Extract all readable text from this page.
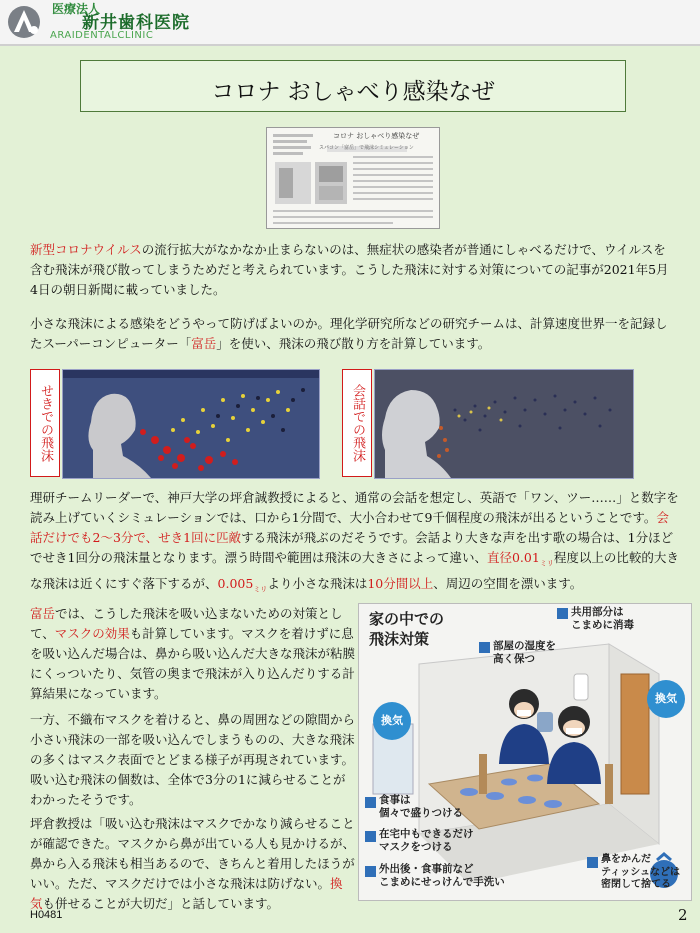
医療法人
新井歯科医院
ARAIDENTALCLINIC
コロナ おしゃべり感染なぜ
コロナ おしゃべり感染なぜ
スパコン「富岳」で飛沫シミュレーション
新型コロナウイルスの流行拡大がなかなか止まらないのは、無症状の感染者が普通にしゃべるだけで、ウイルスを含む飛沫が飛び散ってしまうためだと考えられています。こうした飛沫に対する対策についての記事が2021年5月4日の朝日新聞に載っていました。
小さな飛沫による感染をどうやって防げばよいのか。理化学研究所などの研究チームは、計算速度世界一を記録したスーパーコンピューター「富岳」を使い、飛沫の飛び散り方を計算しています。
せきでの飛沫	会話での飛沫
理研チームリーダーで、神戸大学の坪倉誠教授によると、通常の会話を想定し、英語で「ワン、ツー……」と数字を読み上げていくシミュレーションでは、口から1分間で、大小合わせて9千個程度の飛沫が出るということです。会話だけでも2～3分で、せき1回に匹敵する飛沫が飛ぶのだそうです。会話より大きな声を出す歌の場合は、1分ほどでせき1回分の飛沫量となります。漂う時間や範囲は飛沫の大きさによって違い、直径$0.01_{ミリ}$程度以上の比較的大きな飛沫は近くにすぐ落下するが、$0.005_{ミリ}$より小さな飛沫は10分間以上、周辺の空間を漂います。
富岳では、こうした飛沫を吸い込まないための対策として、マスクの効果も計算しています。マスクを着けずに息を吸い込んだ場合は、鼻から吸い込んだ大きな飛沫が粘膜にくっついたり、気管の奥まで飛沫が入り込んだりする計算結果になっています。
一方、不織布マスクを着けると、鼻の周囲などの隙間から小さい飛沫の一部を吸い込んでしまうものの、大きな飛沫の多くはマスク表面でとどまる様子が再現されています。吸い込む飛沫の個数は、全体で3分の1に減らせることがわかったそうです。
坪倉教授は「吸い込む飛沫はマスクでかなり減らせることが確認できた。マスクから鼻が出ている人も見かけるが、鼻から入る飛沫も相当あるので、きちんと着用したほうがいい。ただ、マスクだけでは小さな飛沫は防げない。換気も併せることが大切だ」と話しています。
家の中での
飛沫対策
共用部分は
こまめに消毒
部屋の湿度を
高く保つ
換気
換気
食事は
個々で盛りつける
在宅中もできるだけ
マスクをつける
外出後・食事前など
こまめにせっけんで手洗い
鼻をかんだ
ティッシュなどは
密閉して捨てる
H0481	2
